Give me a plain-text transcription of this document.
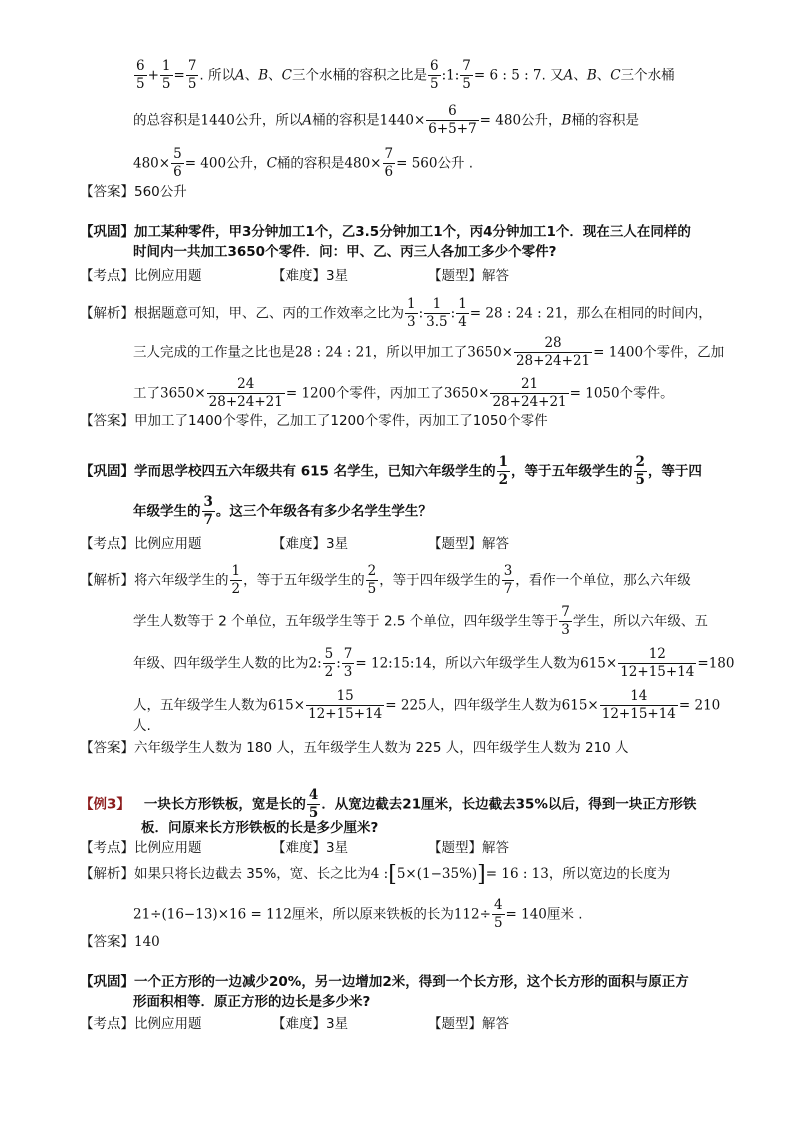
$\frac{6}{5} + \frac{1}{5} = \frac{7}{5}$ . 所以A、B、C三个水桶的容积之比是 $\frac{6}{5}$ :1: $\frac{7}{5} = 6$ : 5 : 7. 又A、B、C三个水桶
的总容积是1440公升，所以A桶的容积是$1440\times \frac{6}{6+5+7} = 480$公升，B桶的容积是
$480\times \frac{5}{6} = 400$公升，C桶的容积是$480\times \frac{7}{6} = 560$公升 .
【答案】560公升
【巩固】加工某种零件，甲3分钟加工1个，乙3.5分钟加工1个，丙4分钟加工1个．现在三人在同样的
时间内一共加工3650个零件．问：甲、乙、丙三人各加工多少个零件?
【考点】比例应用题	【难度】3星	【题型】解答
【解析】根据题意可知，甲、乙、丙的工作效率之比为 $\frac{1}{3}$ : $\frac{1}{3.5}$ : $\frac{1}{4} = 28$ : 24 : 21，那么在相同的时间内，
三人完成的工作量之比也是28 : 24 : 21，所以甲加工了$3650\times \frac{28}{28+24+21} = 1400$个零件，乙加
工了$3650\times \frac{24}{28+24+21} = 1200$个零件，丙加工了$3650\times \frac{21}{28+24+21} = 1050$个零件。
【答案】甲加工了1400个零件，乙加工了1200个零件，丙加工了1050个零件
【巩固】学而思学校四五六年级共有 615 名学生，已知六年级学生的 $\frac{1}{2}$ ，等于五年级学生的 $\frac{2}{5}$ ，等于四
年级学生的 $\frac{3}{7}$ 。这三个年级各有多少名学生学生？
【考点】比例应用题	【难度】3星	【题型】解答
【解析】将六年级学生的 $\frac{1}{2}$ ，等于五年级学生的 $\frac{2}{5}$ ，等于四年级学生的 $\frac{3}{7}$ ，看作一个单位，那么六年级
学生人数等于 2 个单位，五年级学生等于 2.5 个单位，四年级学生等于 $\frac{7}{3}$ 学生，所以六年级、五
年级、四年级学生人数的比为2: $\frac{5}{2}$ : $\frac{7}{3}$ = 12:15:14，所以六年级学生人数为$615\times \frac{12}{12+15+14} =180$
人，五年级学生人数为$615\times \frac{15}{12+15+14} = 225$人，四年级学生人数为$615\times \frac{14}{12+15+14} = 210$
人.
【答案】六年级学生人数为 180 人，五年级学生人数为 225 人，四年级学生人数为 210 人
【例3】 一块长方形铁板，宽是长的 $\frac{4}{5}$ ．从宽边截去21厘米，长边截去35%以后，得到一块正方形铁
板．问原来长方形铁板的长是多少厘米?
【考点】比例应用题	【难度】3星	【题型】解答
【解析】如果只将长边截去 35%，宽、长之比为4 :[5×(1−35%)]= 16 : 13，所以宽边的长度为
21÷(16−13)×16 = 112厘米，所以原来铁板的长为$112\div \frac{4}{5} = 140$厘米 .
【答案】140
【巩固】一个正方形的一边减少20%，另一边增加2米，得到一个长方形，这个长方形的面积与原正方
形面积相等．原正方形的边长是多少米?
【考点】比例应用题	【难度】3星	【题型】解答
